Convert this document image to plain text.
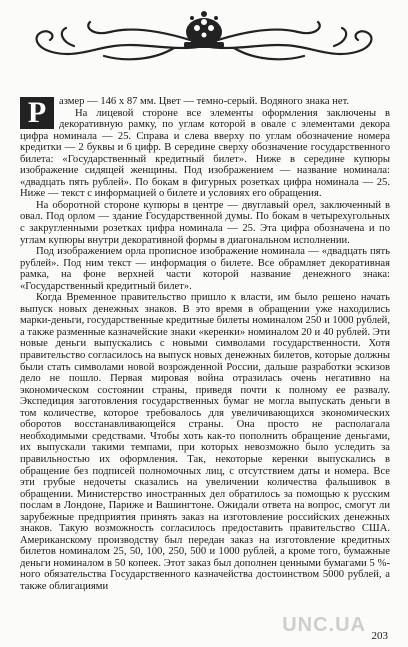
Р	азмер — 146 х 87 мм. Цвет — темно-серый. Водяного знака нет.

На лицевой стороне все элементы оформления заключены в декоративную рамку, по углам которой в овале с элементами декора цифра номинала — 25. Справа и слева вверху по углам обозначение номера кредитки — 2 буквы и 6 цифр. В середине сверху обозначение государственного билета: «Государственный кредитный билет». Ниже в середине купюры изображение сидящей женщины. Под изображением — название номинала: «двадцать пять рублей». По бокам в фигурных розетках цифра номинала — 25. Ниже — текст с информацией о билете и условиях его обращения.

На оборотной стороне купюры в центре — двуглавый орел, заключенный в овал. Под орлом — здание Государственной думы. По бокам в четырехугольных с закругленными розетках цифра номинала — 25. Эта цифра обозначена и по углам купюры внутри декоративной формы в диагональном исполнении.

Под изображением орла прописное изображение номинала — «двадцать пять рублей». Под ним текст — информация о билете. Все обрамляет декоративная рамка, на фоне верхней части которой название денежного знака: «Государственный кредитный билет».

Когда Временное правительство пришло к власти, им было решено начать выпуск новых денежных знаков. В это время в обращении уже находились марки-деньги, государственные кредитные билеты номиналом 250 и 1000 рублей, а также разменные казначейские знаки «керенки» номиналом 20 и 40 рублей. Эти новые деньги выпускались с новыми символами государственности. Хотя правительство согласилось на выпуск новых денежных билетов, которые должны были стать символами новой возрожденной России, дальше разработки эскизов дело не пошло. Первая мировая война отразилась очень негативно на экономическом состоянии страны, приведя почти к полному ее развалу. Экспедиция заготовления государственных бумаг не могла выпускать деньги в том количестве, которое требовалось для увеличивающихся экономических оборотов восстанавливающейся страны. Она просто не располагала необходимыми средствами. Чтобы хоть как-то пополнить обращение деньгами, их выпускали такими темпами, при которых невозможно было уследить за правильностью их оформления. Так, некоторые керенки выпускались в обращение без подписей полномочных лиц, с отсутствием даты и номера. Все эти грубые недочеты сказались на увеличении количества фальшивок в обращении. Министерство иностранных дел обратилось за помощью к русским послам в Лондоне, Париже и Вашингтоне. Ожидали ответа на вопрос, смогут ли зарубежные предприятия принять заказ на изготовление российских денежных знаков. Такую возможность согласилось предоставить правительство США. Американскому производству был передан заказ на изготовление кредитных билетов номиналом 25, 50, 100, 250, 500 и 1000 рублей, а кроме того, бумажные деньги номиналом в 50 копеек. Этот заказ был дополнен ценными бумагами 5 %-ного обязательства Государственного казначейства достоинством 5000 рублей, а также облигациями

UNC.UA 203
